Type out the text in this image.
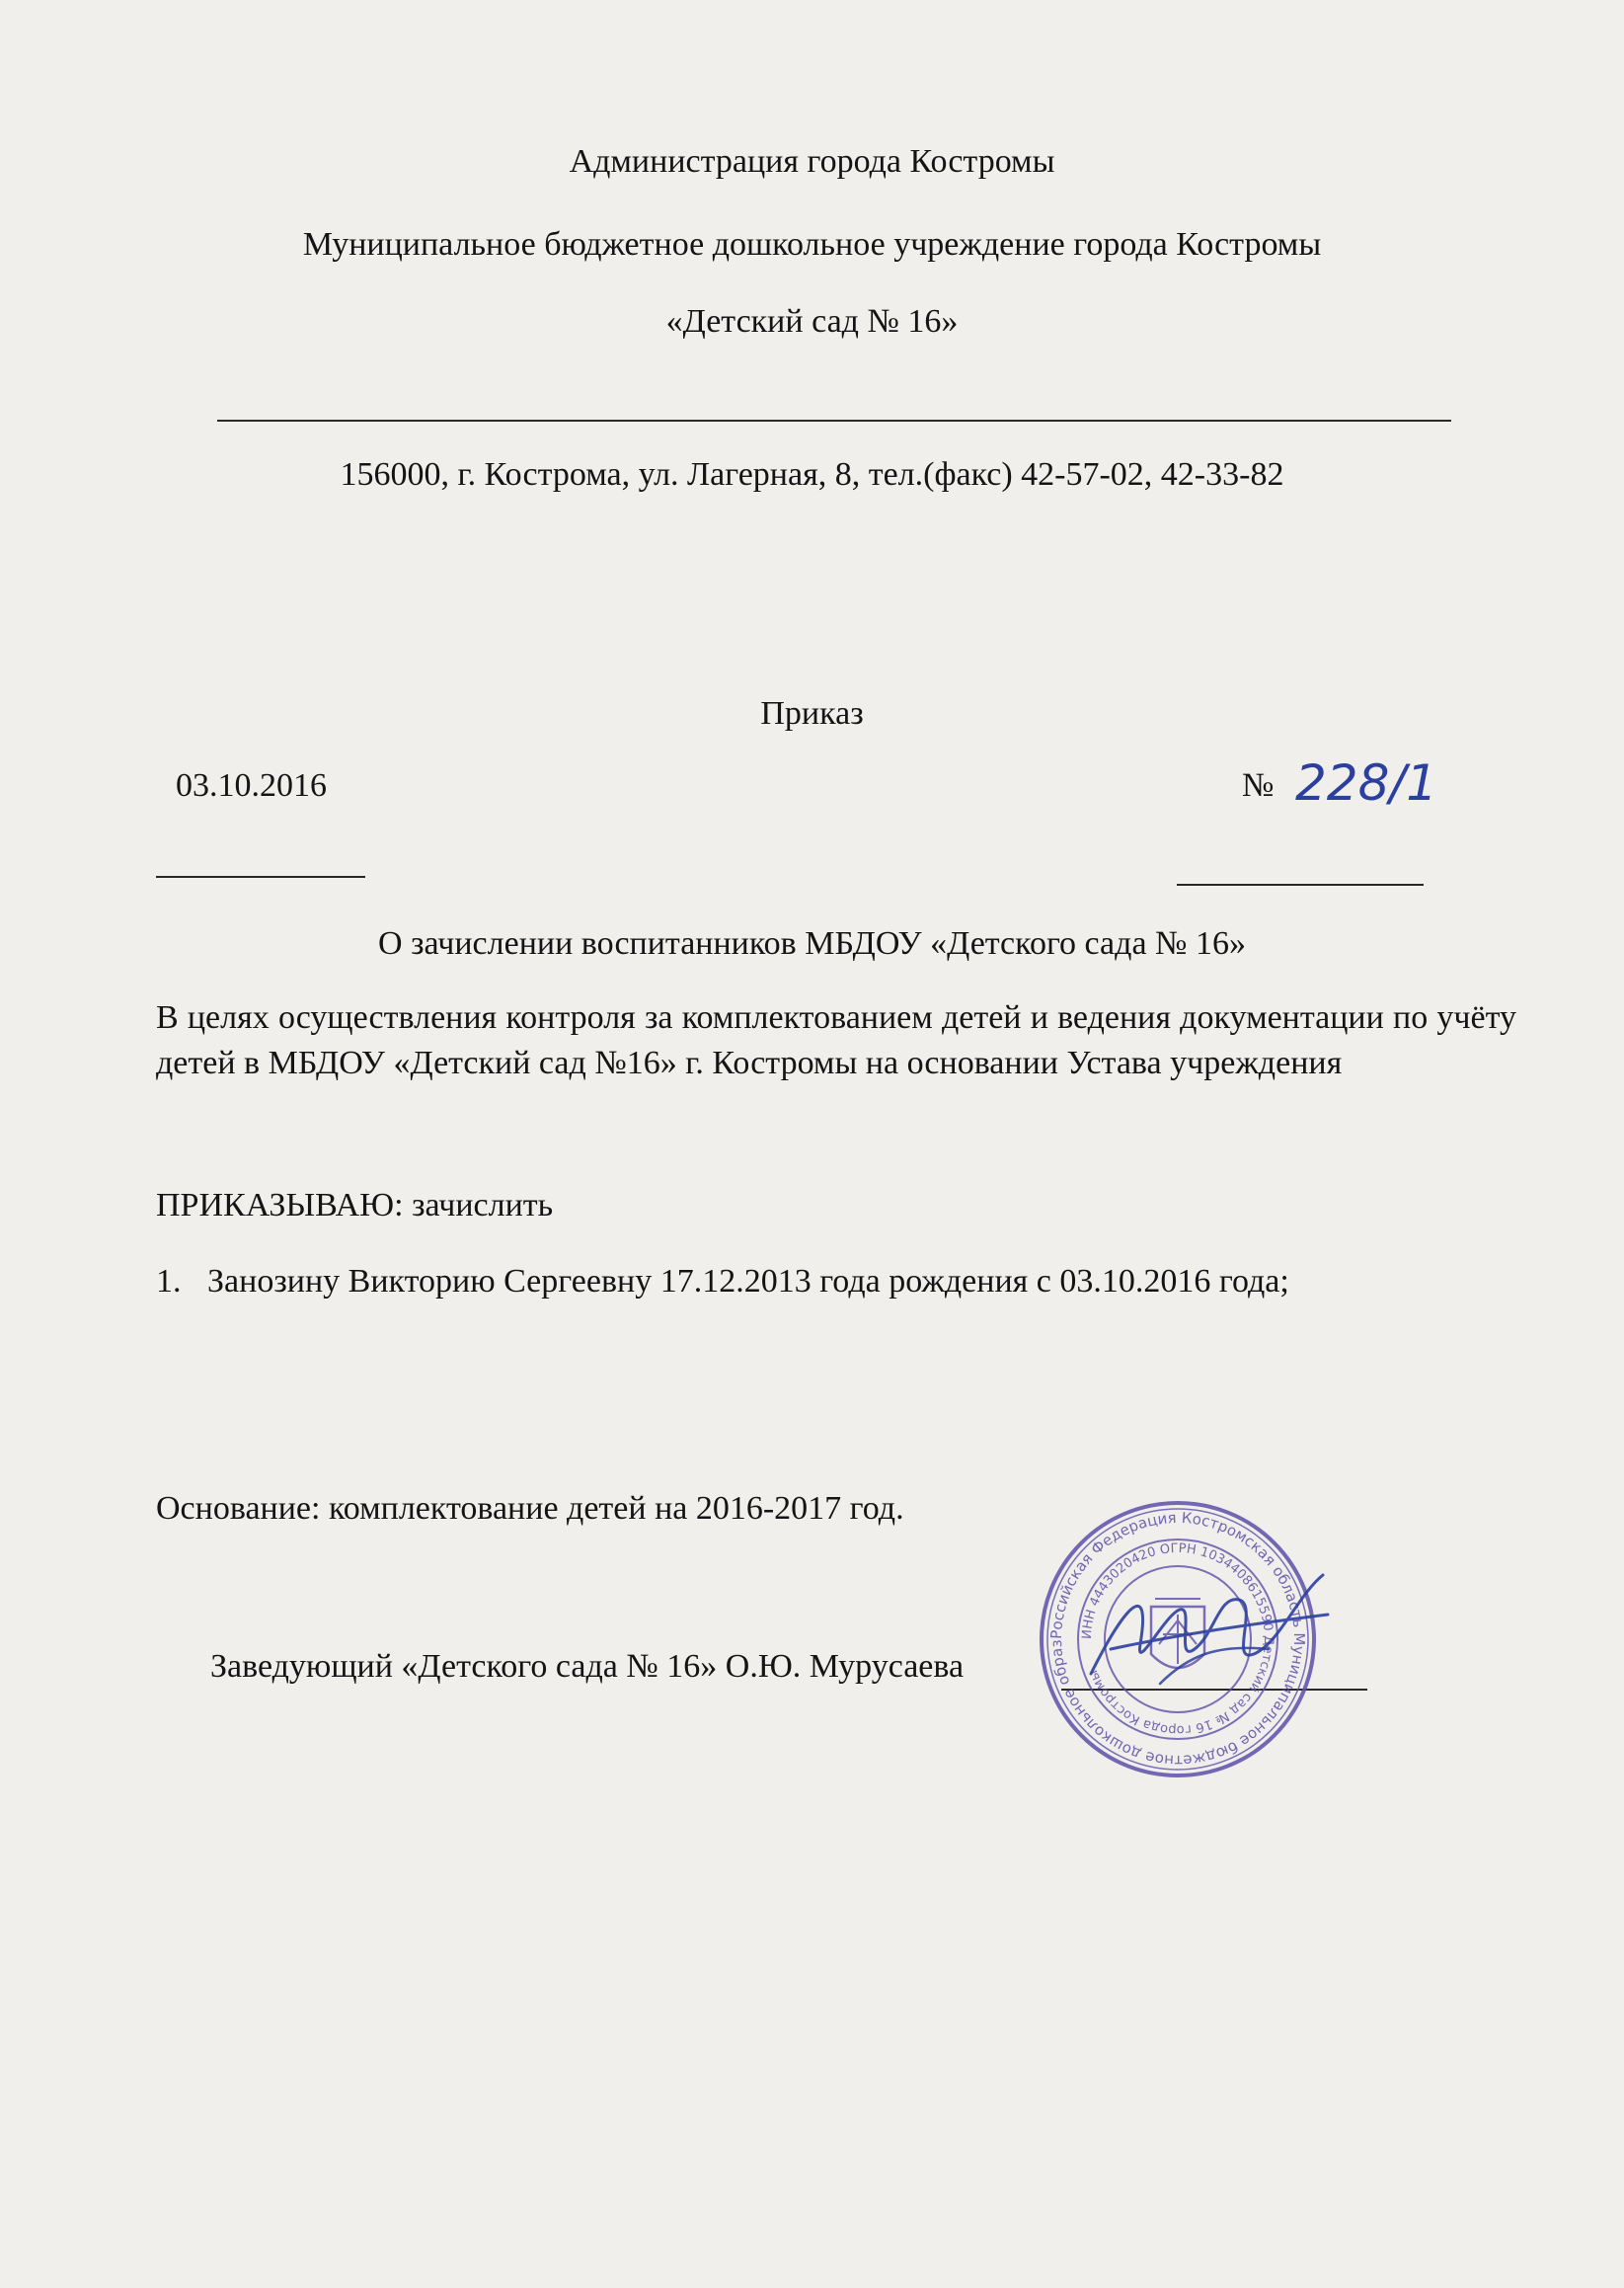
Администрация города Костромы
Муниципальное бюджетное дошкольное учреждение города Костромы
«Детский сад № 16»
156000, г. Кострома, ул. Лагерная, 8, тел.(факс) 42-57-02, 42-33-82
Приказ
03.10.2016	№ 228/1
О зачислении воспитанников МБДОУ «Детского сада № 16»
В целях осуществления контроля за комплектованием детей и ведения документации по учёту детей в МБДОУ «Детский сад №16» г. Костромы на основании Устава учреждения
ПРИКАЗЫВАЮ: зачислить
1. Занозину Викторию Сергеевну 17.12.2013 года рождения с 03.10.2016 года;
Основание: комплектование детей на 2016-2017 год.
Заведующий «Детского сада № 16» О.Ю. Мурусаева
Российская Федерация Костромская область Муниципальное бюджетное дошкольное образ
ИНН 4443020420 ОГРН 1034408615590 Детский сад № 16 города Костромы
